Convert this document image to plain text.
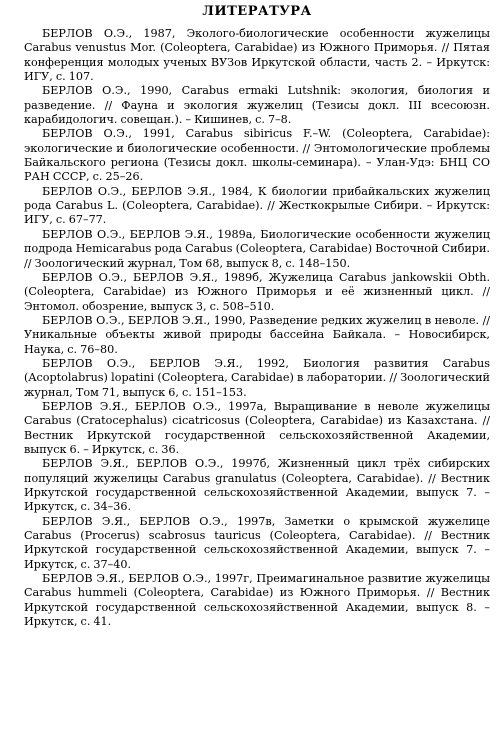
ЛИТЕРАТУРА

БЕРЛОВ О.Э., 1987, Эколого-биологические особенности жужелицы Carabus venustus Mor. (Coleoptera, Carabidae) из Южного Приморья. // Пятая конференция молодых ученых ВУЗов Иркутской области, часть 2. – Иркутск: ИГУ, с. 107.

БЕРЛОВ О.Э., 1990, Carabus ermaki Lutshnik: экология, биология и разведение. // Фауна и экология жужелиц (Тезисы докл. III всесоюзн. карабидологич. совещан.). – Кишинев, с. 7–8.

БЕРЛОВ О.Э., 1991, Carabus sibiricus F.–W. (Coleoptera, Carabidae): экологические и биологические особенности. // Энтомологические проблемы Байкальского региона (Тезисы докл. школы-семинара). – Улан-Удэ: БНЦ СО РАН СССР, с. 25–26.

БЕРЛОВ О.Э., БЕРЛОВ Э.Я., 1984, К биологии прибайкальских жужелиц рода Carabus L. (Coleoptera, Carabidae). // Жесткокрылые Сибири. – Иркутск: ИГУ, с. 67–77.

БЕРЛОВ О.Э., БЕРЛОВ Э.Я., 1989а, Биологические особенности жужелиц подрода Hemicarabus рода Carabus (Coleoptera, Carabidae) Восточной Сибири. // Зоологический журнал, Том 68, выпуск 8, с. 148–150.

БЕРЛОВ О.Э., БЕРЛОВ Э.Я., 1989б, Жужелица Carabus jankowskii Obth. (Coleoptera, Carabidae) из Южного Приморья и её жизненный цикл. // Энтомол. обозрение, выпуск 3, с. 508–510.

БЕРЛОВ О.Э., БЕРЛОВ Э.Я., 1990, Разведение редких жужелиц в неволе. // Уникальные объекты живой природы бассейна Байкала. – Новосибирск, Наука, с. 76–80.

БЕРЛОВ О.Э., БЕРЛОВ Э.Я., 1992, Биология развития Carabus (Acoptolabrus) lopatini (Coleoptera, Carabidae) в лаборатории. // Зоологический журнал, Том 71, выпуск 6, с. 151–153.

БЕРЛОВ Э.Я., БЕРЛОВ О.Э., 1997а, Выращивание в неволе жужелицы Carabus (Cratocephalus) cicatricosus (Coleoptera, Carabidae) из Казахстана. // Вестник Иркутской государственной сельскохозяйственной Академии, выпуск 6. – Иркутск, с. 36.

БЕРЛОВ Э.Я., БЕРЛОВ О.Э., 1997б, Жизненный цикл трёх сибирских популяций жужелицы Carabus granulatus (Coleoptera, Carabidae). // Вестник Иркутской государственной сельскохозяйственной Академии, выпуск 7. – Иркутск, с. 34–36.

БЕРЛОВ Э.Я., БЕРЛОВ О.Э., 1997в, Заметки о крымской жужелице Carabus (Procerus) scabrosus tauricus (Coleoptera, Carabidae). // Вестник Иркутской государственной сельскохозяйственной Академии, выпуск 7. – Иркутск, с. 37–40.

БЕРЛОВ Э.Я., БЕРЛОВ О.Э., 1997г, Преимагинальное развитие жужелицы Carabus hummeli (Coleoptera, Carabidae) из Южного Приморья. // Вестник Иркутской государственной сельскохозяйственной Академии, выпуск 8. – Иркутск, с. 41.
